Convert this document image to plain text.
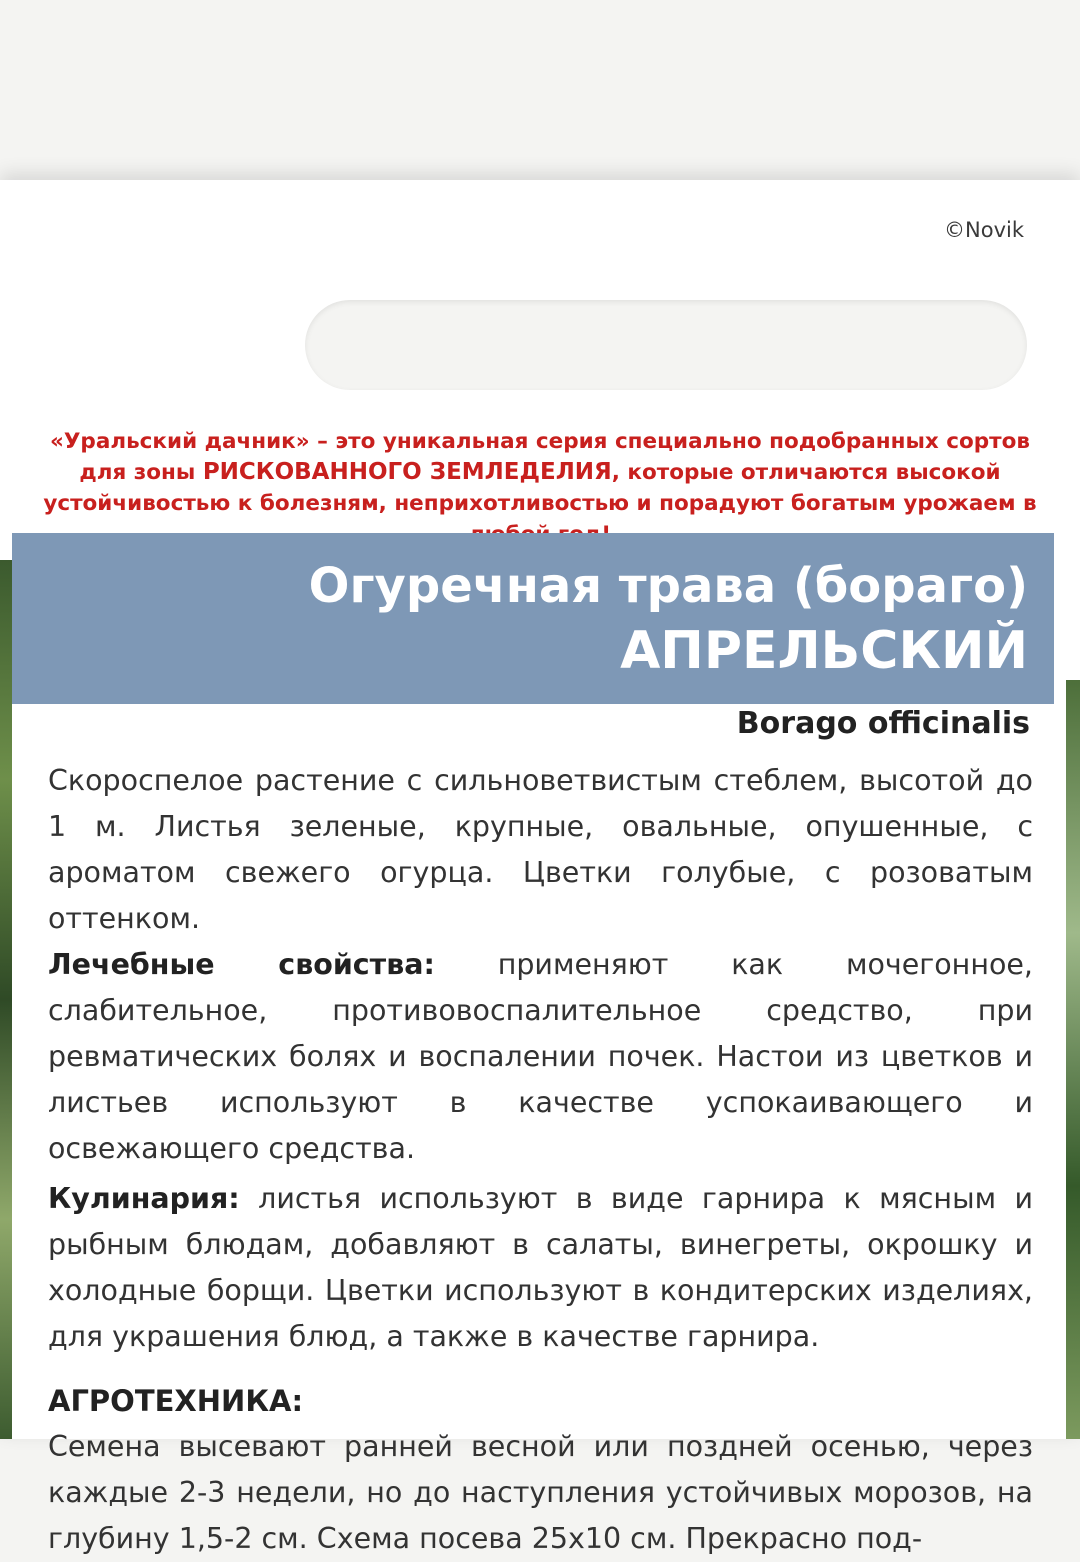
©Novik
«Уральский дачник» – это уникальная серия специально подобранных сортов для зоны РИСКОВАННОГО ЗЕМЛЕДЕЛИЯ, которые отличаются высокой устойчивостью к болезням, неприхотливостью и порадуют богатым урожаем в
Огуречная трава (бораго)
АПРЕЛЬСКИЙ
Borago officinalis

Скороспелое растение с сильноветвистым стеблем, высотой до 1 м. Листья зеленые, крупные, овальные, опушенные, с ароматом свежего огурца. Цветки голубые, с розоватым оттенком.

Лечебные свойства: применяют как мочегонное, слабительное, противовоспалительное средство, при ревматических болях и воспалении почек. Настои из цветков и листьев используют в качестве успокаивающего и освежающего средства.

Кулинария: листья используют в виде гарнира к мясным и рыбным блюдам, добавляют в салаты, винегреты, окрошку и холодные борщи. Цветки используют в кондитерских изделиях, для украшения блюд, а также в качестве гарнира.

АГРОТЕХНИКА:

Семена высевают ранней весной или поздней осенью, через каждые 2-3 недели, но до наступления устойчивых морозов, на глубину 1,5-2 см. Схема посева 25х10 см. Прекрасно под-
